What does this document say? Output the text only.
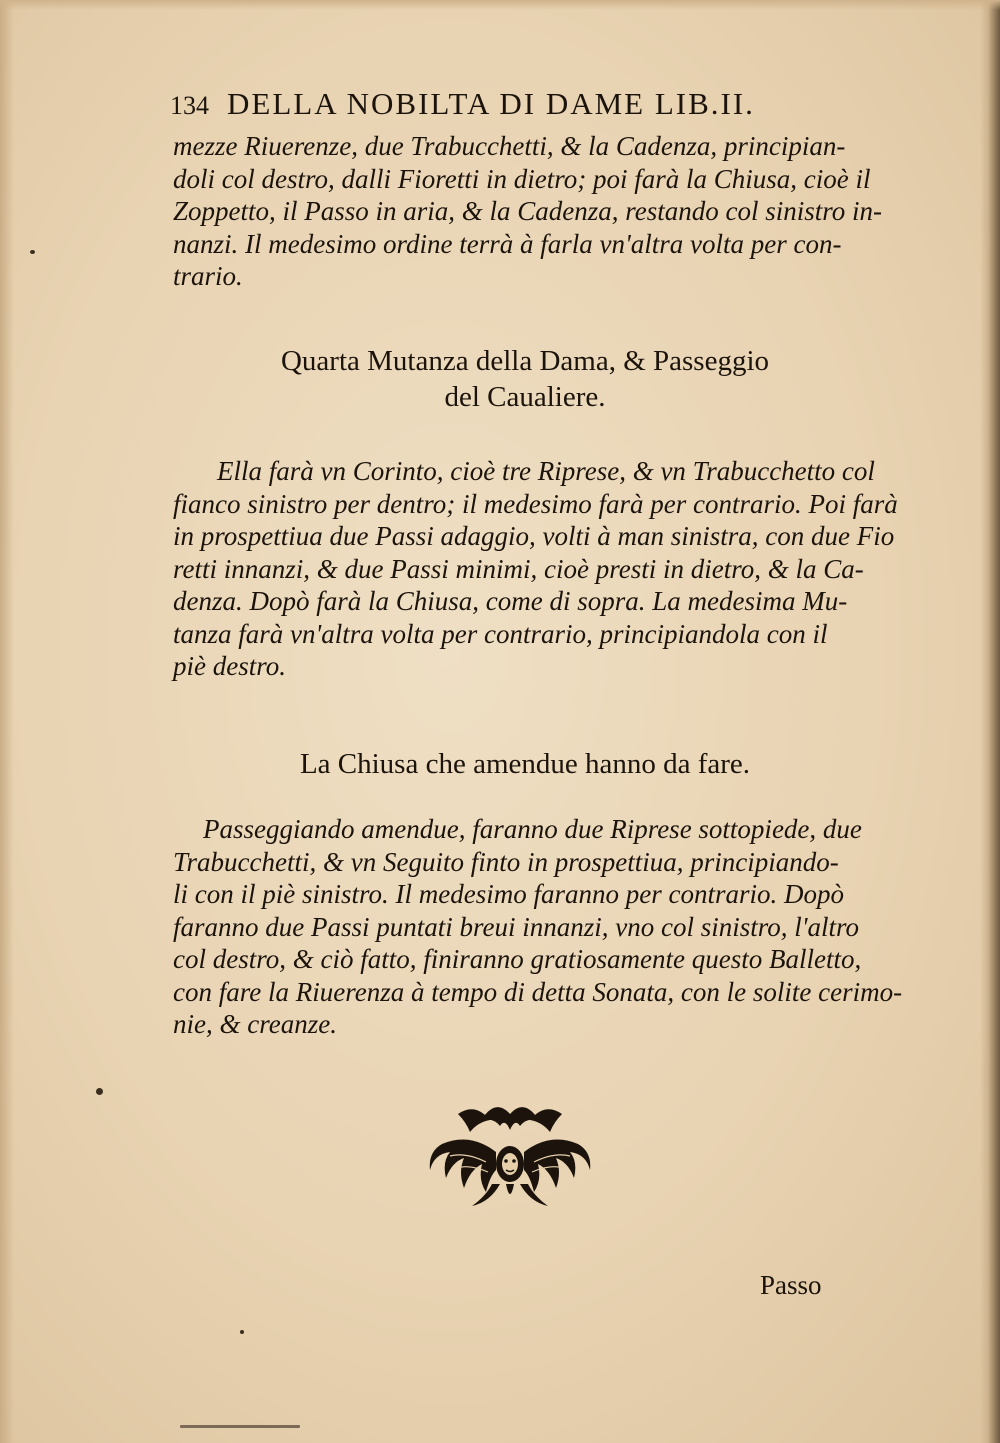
134 DELLA NOBILTA DI DAME LIB.II.
mezze Riuerenze, due Trabucchetti, & la Cadenza, principian-
doli col destro, dalli Fioretti in dietro; poi farà la Chiusa, cioè il
Zoppetto, il Passo in aria, & la Cadenza, restando col sinistro in-
nanzi. Il medesimo ordine terrà à farla vn'altra volta per con-
trario.
Quarta Mutanza della Dama, & Passeggio
del Caualiere.
Ella farà vn Corinto, cioè tre Riprese, & vn Trabucchetto col
fianco sinistro per dentro; il medesimo farà per contrario. Poi farà
in prospettiua due Passi adaggio, volti à man sinistra, con due Fio
retti innanzi, & due Passi minimi, cioè presti in dietro, & la Ca-
denza. Dopò farà la Chiusa, come di sopra. La medesima Mu-
tanza farà vn'altra volta per contrario, principiandola con il
piè destro.
La Chiusa che amendue hanno da fare.
Passeggiando amendue, faranno due Riprese sottopiede, due
Trabucchetti, & vn Seguito finto in prospettiua, principiando-
li con il piè sinistro. Il medesimo faranno per contrario. Dopò
faranno due Passi puntati breui innanzi, vno col sinistro, l'altro
col destro, & ciò fatto, finiranno gratiosamente questo Balletto,
con fare la Riuerenza à tempo di detta Sonata, con le solite cerimo-
nie, & creanze.
Passo
